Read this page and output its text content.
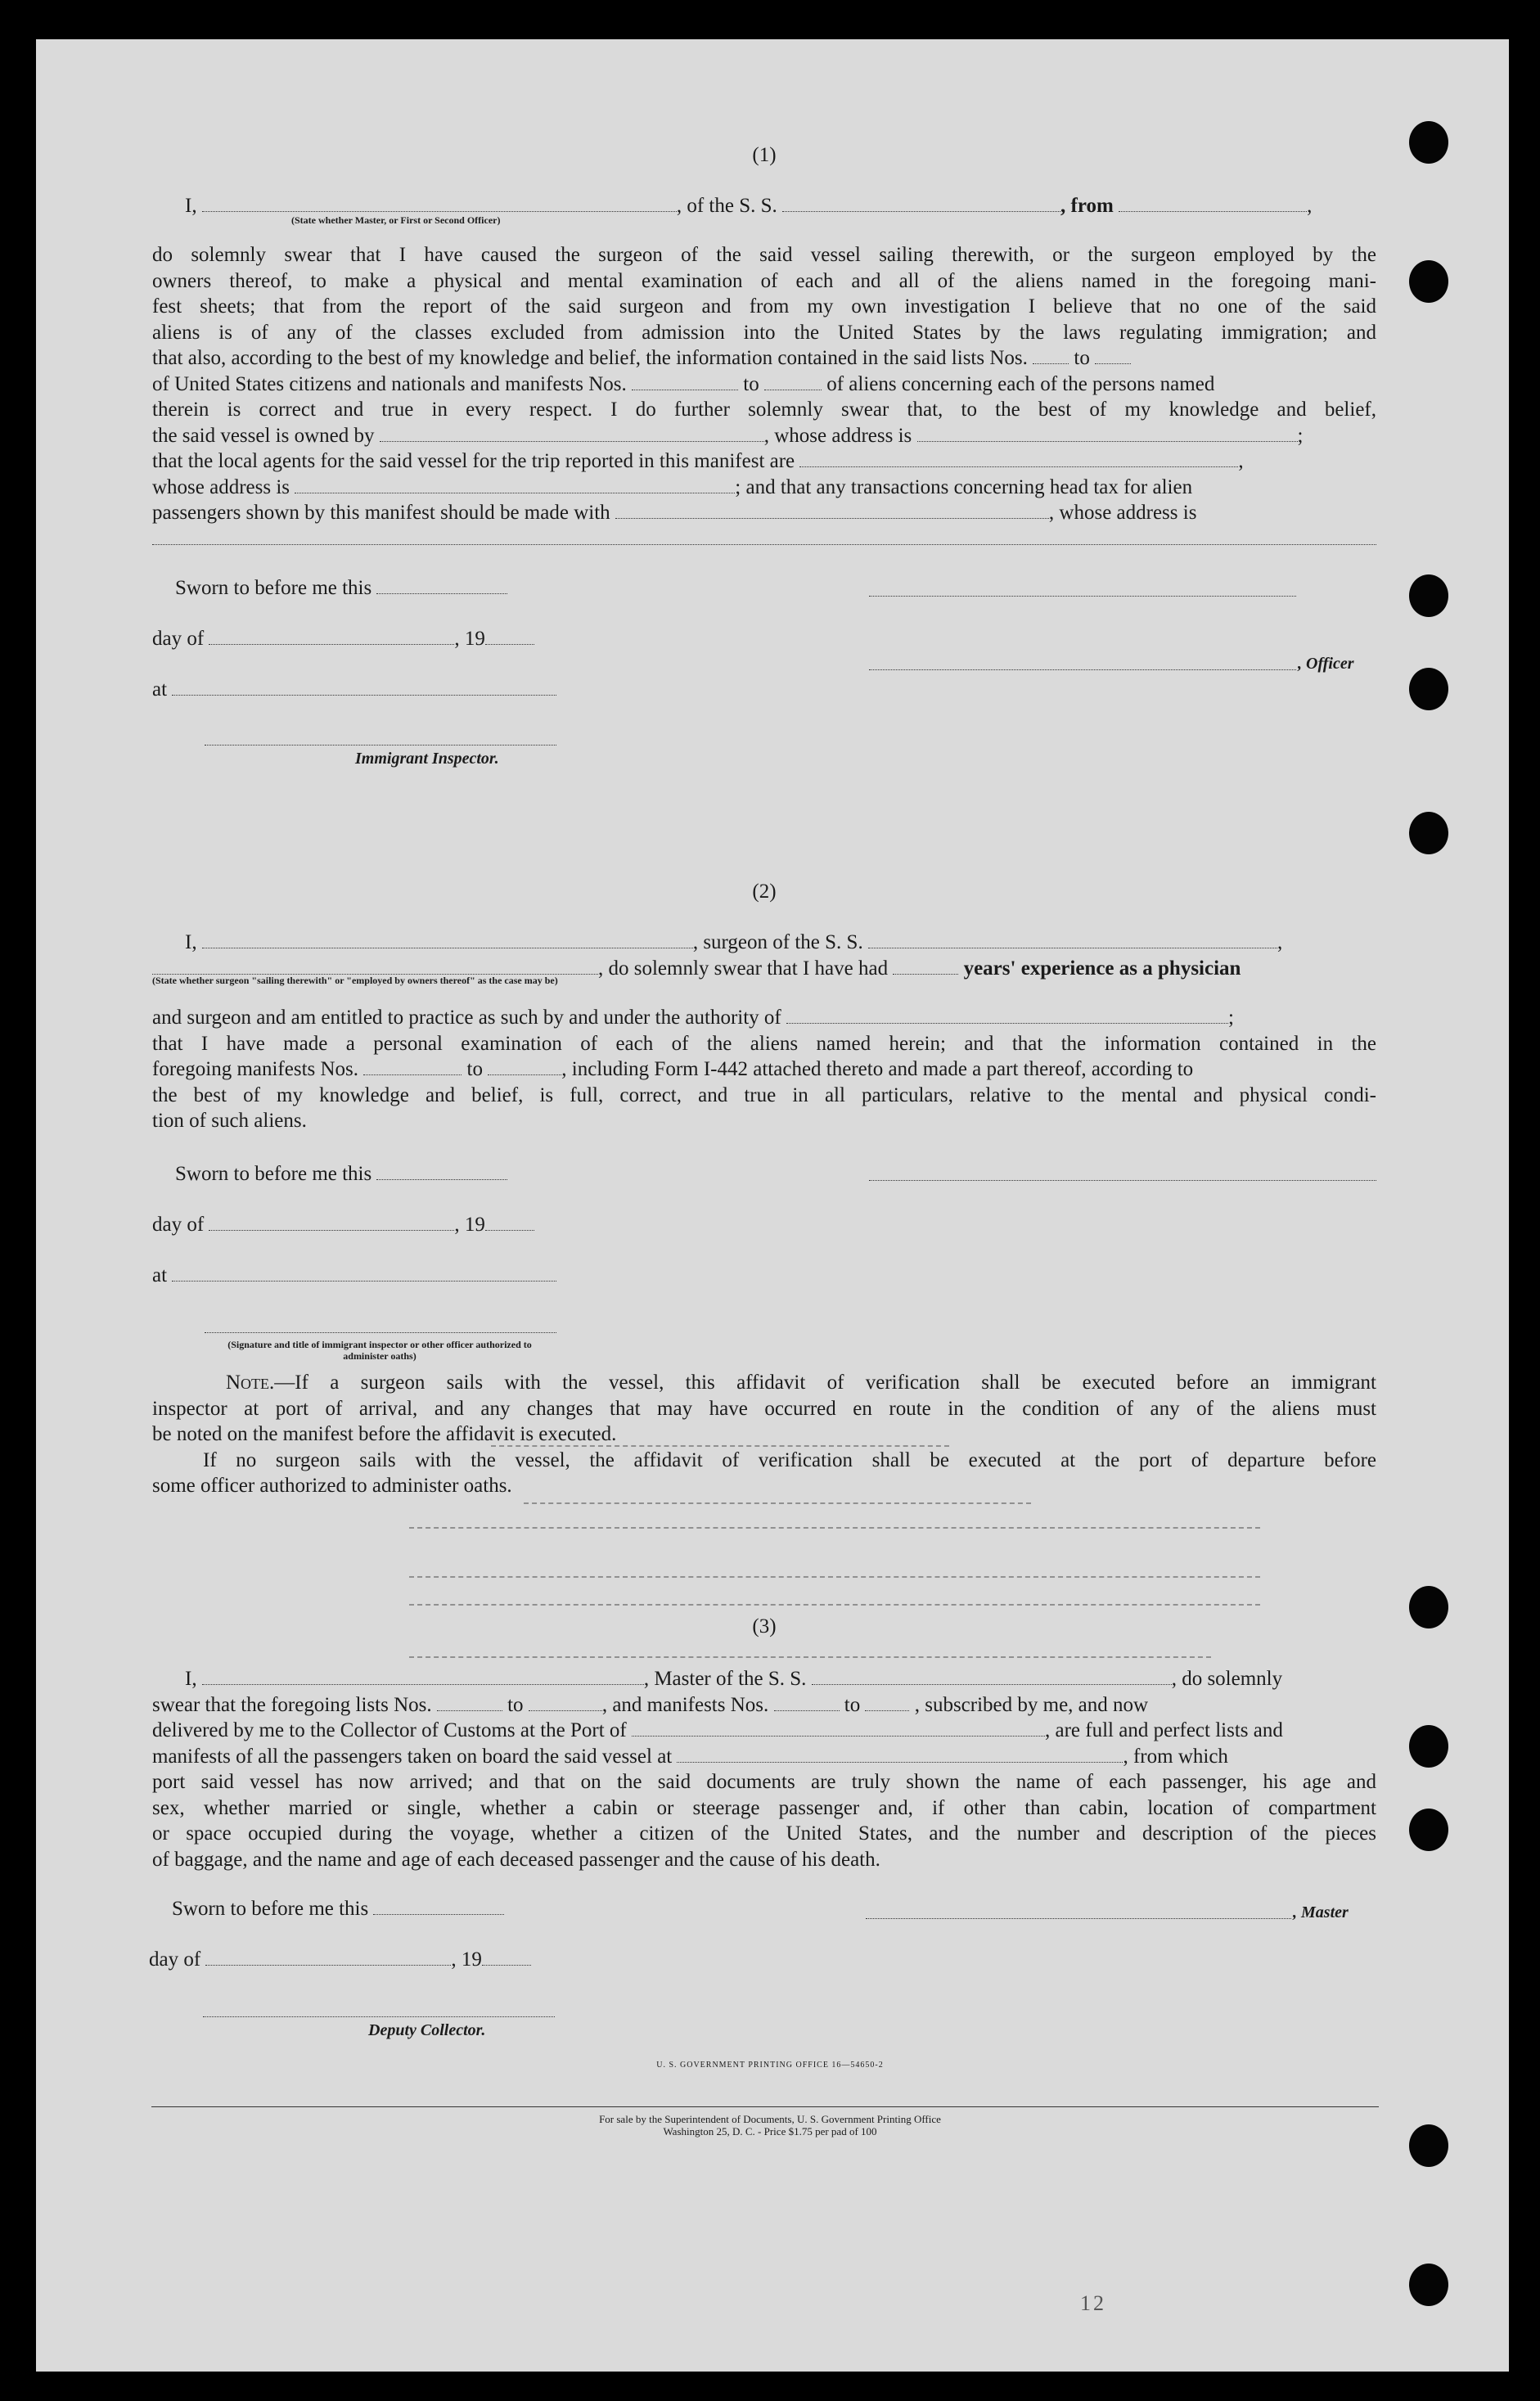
(1)
I,	, of the S. S.	, from	,
(State whether Master, or First or Second Officer)
do solemnly swear that I have caused the surgeon of the said vessel sailing therewith, or the surgeon employed by the
owners thereof, to make a physical and mental examination of each and all of the aliens named in the foregoing mani-
fest sheets; that from the report of the said surgeon and from my own investigation I believe that no one of the said
aliens is of any of the classes excluded from admission into the United States by the laws regulating immigration; and
that also, according to the best of my knowledge and belief, the information contained in the said lists Nos. to
of United States citizens and nationals and manifests Nos.	to	of aliens concerning each of the persons named
therein is correct and true in every respect. I do further solemnly swear that, to the best of my knowledge and belief,
the said vessel is owned by	, whose address is	;
that the local agents for the said vessel for the trip reported in this manifest are	,
whose address is	; and that any transactions concerning head tax for alien
passengers shown by this manifest should be made with	, whose address is
Sworn to before me this
day of	, 19
at
Immigrant Inspector.
, Officer
(2)
I,	, surgeon of the S. S.	,
, do solemnly swear that I have had	years' experience as a physician
(State whether surgeon "sailing therewith" or "employed by owners thereof" as the case may be)
and surgeon and am entitled to practice as such by and under the authority of	;
that I have made a personal examination of each of the aliens named herein; and that the information contained in the
foregoing manifests Nos.	to	, including Form I-442 attached thereto and made a part thereof, according to
the best of my knowledge and belief, is full, correct, and true in all particulars, relative to the mental and physical condi-
tion of such aliens.
Sworn to before me this
day of	, 19
at
(Signature and title of immigrant inspector or other officer authorized to administer oaths)
Note.—If a surgeon sails with the vessel, this affidavit of verification shall be executed before an immigrant
inspector at port of arrival, and any changes that may have occurred en route in the condition of any of the aliens must
be noted on the manifest before the affidavit is executed.
If no surgeon sails with the vessel, the affidavit of verification shall be executed at the port of departure before
some officer authorized to administer oaths.
(3)
I,	, Master of the S. S.	, do solemnly
swear that the foregoing lists Nos.	to	, and manifests Nos.	to	, subscribed by me, and now
delivered by me to the Collector of Customs at the Port of	, are full and perfect lists and
manifests of all the passengers taken on board the said vessel at	, from which
port said vessel has now arrived; and that on the said documents are truly shown the name of each passenger, his age and
sex, whether married or single, whether a cabin or steerage passenger and, if other than cabin, location of compartment
or space occupied during the voyage, whether a citizen of the United States, and the number and description of the pieces
of baggage, and the name and age of each deceased passenger and the cause of his death.
Sworn to before me this
day of	, 19
Deputy Collector.
, Master
U. S. GOVERNMENT PRINTING OFFICE 16—54650-2
For sale by the Superintendent of Documents, U. S. Government Printing Office
Washington 25, D. C. - Price $1.75 per pad of 100
12
